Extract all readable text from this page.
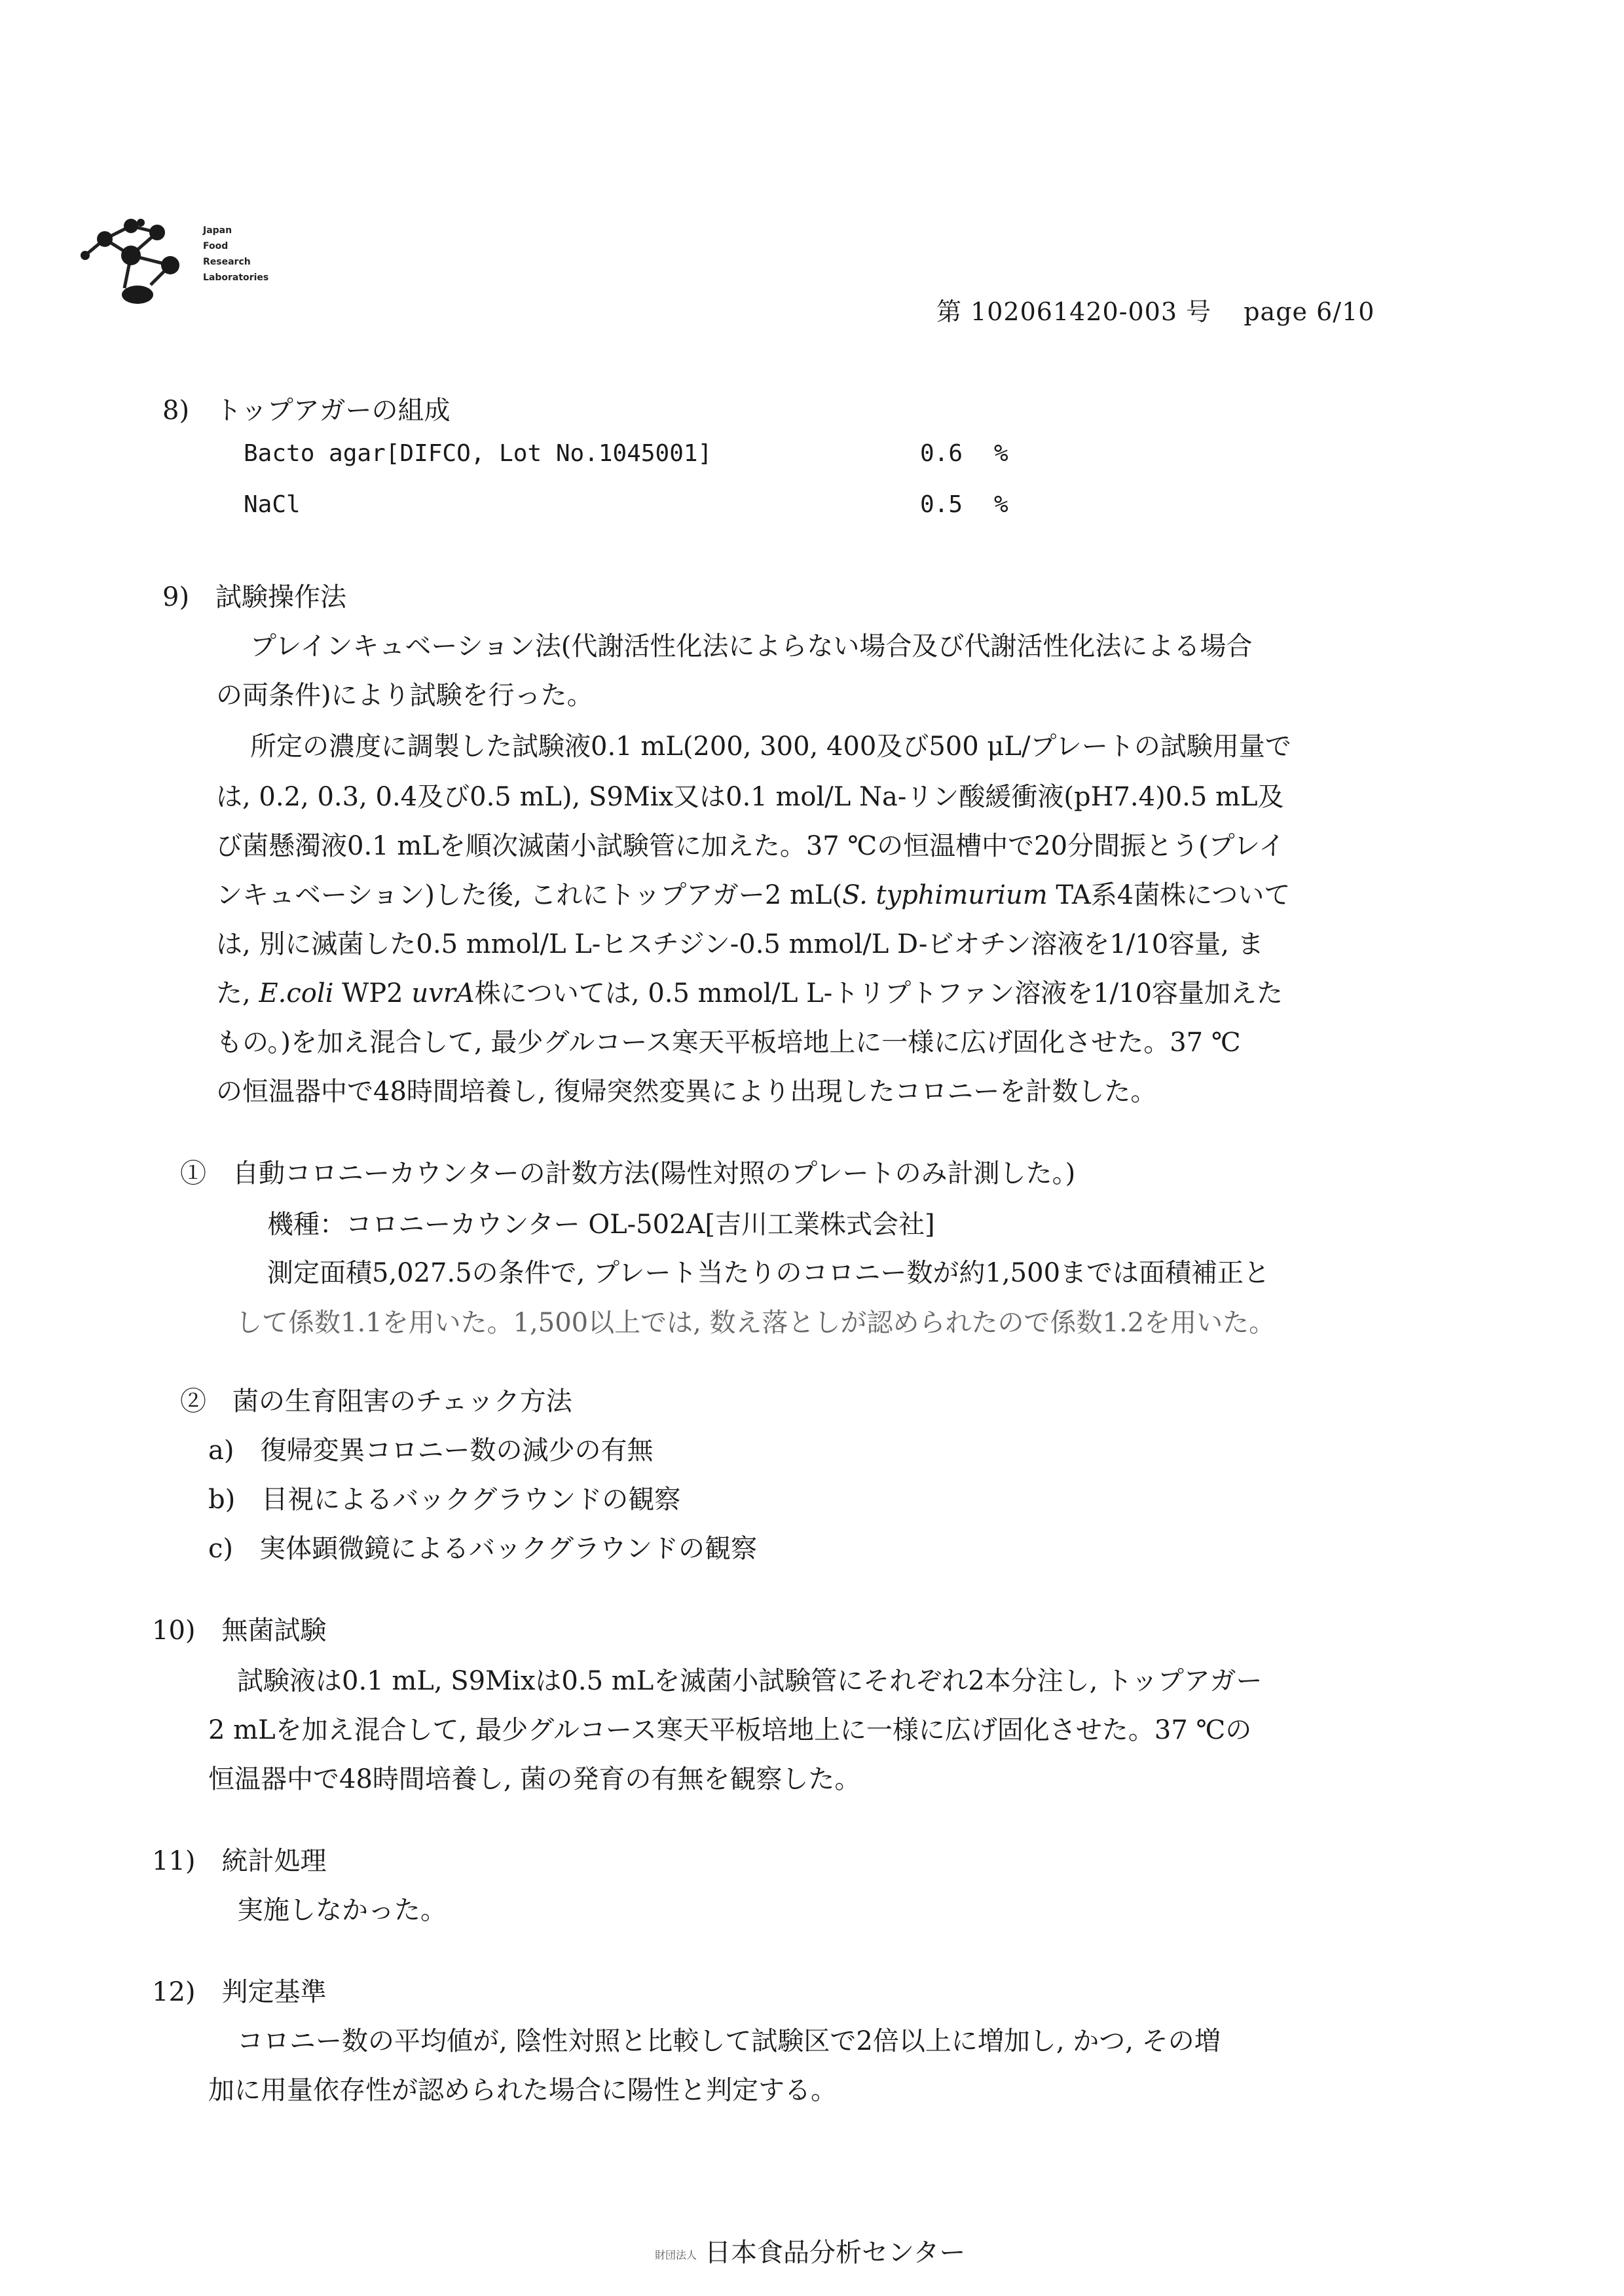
Japan
Food
Research
Laboratories
第 102061420-003 号 page 6/10
8)　トップアガーの組成
Bacto agar[DIFCO, Lot No.1045001]	0.6 %
NaCl	0.5 %
9)　試験操作法
プレインキュベーション法(代謝活性化法によらない場合及び代謝活性化法による場合
の両条件)により試験を行った。
所定の濃度に調製した試験液0.1 mL(200, 300, 400及び500 μL/プレートの試験用量で
は, 0.2, 0.3, 0.4及び0.5 mL), S9Mix又は0.1 mol/L Na-リン酸緩衝液(pH7.4)0.5 mL及
び菌懸濁液0.1 mLを順次滅菌小試験管に加えた。37 ℃の恒温槽中で20分間振とう(プレイ
ンキュベーション)した後, これにトップアガー2 mL(S. typhimurium TA系4菌株について
は, 別に滅菌した0.5 mmol/L L-ヒスチジン-0.5 mmol/L D-ビオチン溶液を1/10容量, ま
た, E.coli WP2 uvrA株については, 0.5 mmol/L L-トリプトファン溶液を1/10容量加えた
もの。)を加え混合して, 最少グルコース寒天平板培地上に一様に広げ固化させた。37 ℃
の恒温器中で48時間培養し, 復帰突然変異により出現したコロニーを計数した。
①　自動コロニーカウンターの計数方法(陽性対照のプレートのみ計測した。)
機種：コロニーカウンター OL-502A[吉川工業株式会社]
測定面積5,027.5の条件で, プレート当たりのコロニー数が約1,500までは面積補正と
して係数1.1を用いた。1,500以上では, 数え落としが認められたので係数1.2を用いた。
②　菌の生育阻害のチェック方法
a)　復帰変異コロニー数の減少の有無
b)　目視によるバックグラウンドの観察
c)　実体顕微鏡によるバックグラウンドの観察
10)　無菌試験
試験液は0.1 mL, S9Mixは0.5 mLを滅菌小試験管にそれぞれ2本分注し, トップアガー
2 mLを加え混合して, 最少グルコース寒天平板培地上に一様に広げ固化させた。37 ℃の
恒温器中で48時間培養し, 菌の発育の有無を観察した。
11)　統計処理
実施しなかった。
12)　判定基準
コロニー数の平均値が, 陰性対照と比較して試験区で2倍以上に増加し, かつ, その増
加に用量依存性が認められた場合に陽性と判定する。
財団法人 日本食品分析センター
